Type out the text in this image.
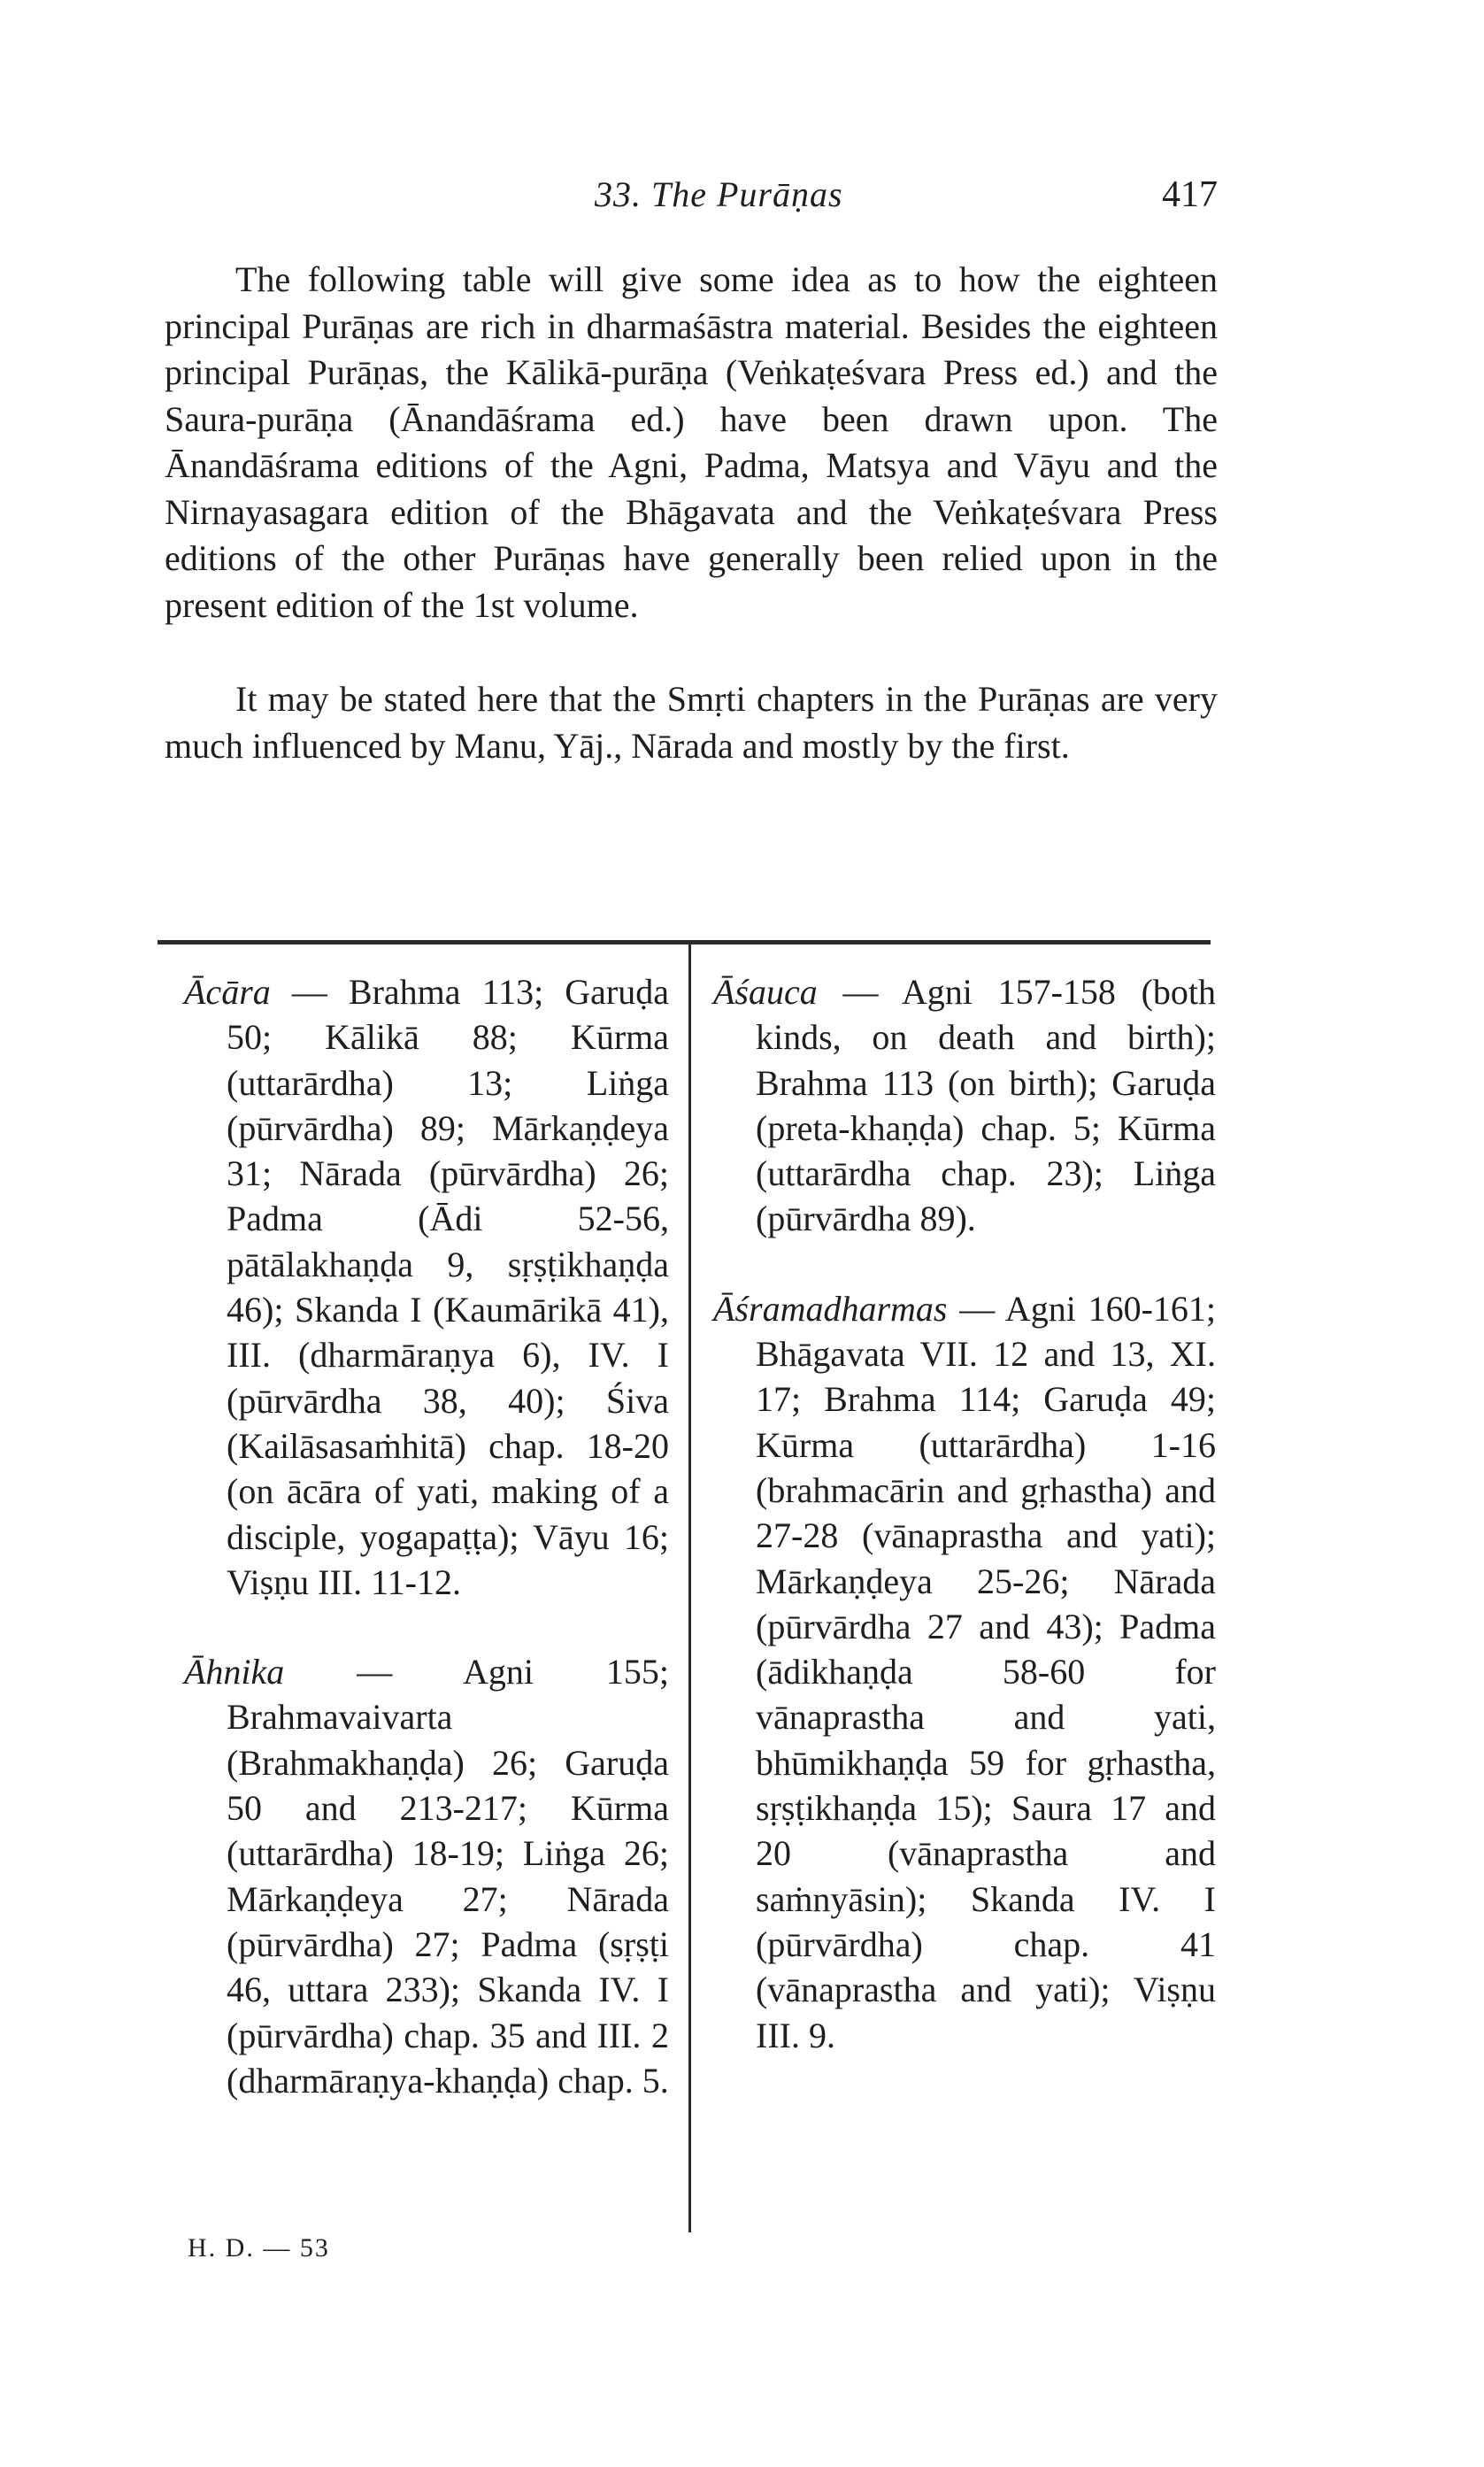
33. The Purāṇas	417

The following table will give some idea as to how the eighteen principal Purāṇas are rich in dharmaśāstra material. Besides the eighteen principal Purāṇas, the Kālikā-purāṇa (Veṅkaṭeśvara Press ed.) and the Saura-purāṇa (Ānandāśrama ed.) have been drawn upon. The Ānandāśrama editions of the Agni, Padma, Matsya and Vāyu and the Nirnayasagara edition of the Bhāgavata and the Veṅkaṭeśvara Press editions of the other Purāṇas have generally been relied upon in the present edition of the 1st volume.

It may be stated here that the Smṛti chapters in the Purāṇas are very much influenced by Manu, Yāj., Nārada and mostly by the first.

Ācāra — Brahma 113; Garuḍa 50; Kālikā 88; Kūrma (uttarārdha) 13; Liṅga (pūrvārdha) 89; Mārkaṇḍeya 31; Nārada (pūrvārdha) 26; Padma (Ādi 52-56, pātālakhaṇḍa 9, sṛṣṭikhaṇḍa 46); Skanda I (Kaumārikā 41), III. (dharmāraṇya 6), IV. I (pūrvārdha 38, 40); Śiva (Kailāsasaṁhitā) chap. 18-20 (on ācāra of yati, making of a disciple, yogapaṭṭa); Vāyu 16; Viṣṇu III. 11-12.

Āhnika — Agni 155; Brahmavaivarta (Brahmakhaṇḍa) 26; Garuḍa 50 and 213-217; Kūrma (uttarārdha) 18-19; Liṅga 26; Mārkaṇḍeya 27; Nārada (pūrvārdha) 27; Padma (sṛṣṭi 46, uttara 233); Skanda IV. I (pūrvārdha) chap. 35 and III. 2 (dharmāraṇya-khaṇḍa) chap. 5.

Āśauca — Agni 157-158 (both kinds, on death and birth); Brahma 113 (on birth); Garuḍa (preta-khaṇḍa) chap. 5; Kūrma (uttarārdha chap. 23); Liṅga (pūrvārdha 89).

Āśramadharmas — Agni 160-161; Bhāgavata VII. 12 and 13, XI. 17; Brahma 114; Garuḍa 49; Kūrma (uttarārdha) 1-16 (brahmacārin and gṛhastha) and 27-28 (vānaprastha and yati); Mārkaṇḍeya 25-26; Nārada (pūrvārdha 27 and 43); Padma (ādikhaṇḍa 58-60 for vānaprastha and yati, bhūmikhaṇḍa 59 for gṛhastha, sṛṣṭikhaṇḍa 15); Saura 17 and 20 (vānaprastha and saṁnyāsin); Skanda IV. I (pūrvārdha) chap. 41 (vānaprastha and yati); Viṣṇu III. 9.

H. D. — 53
